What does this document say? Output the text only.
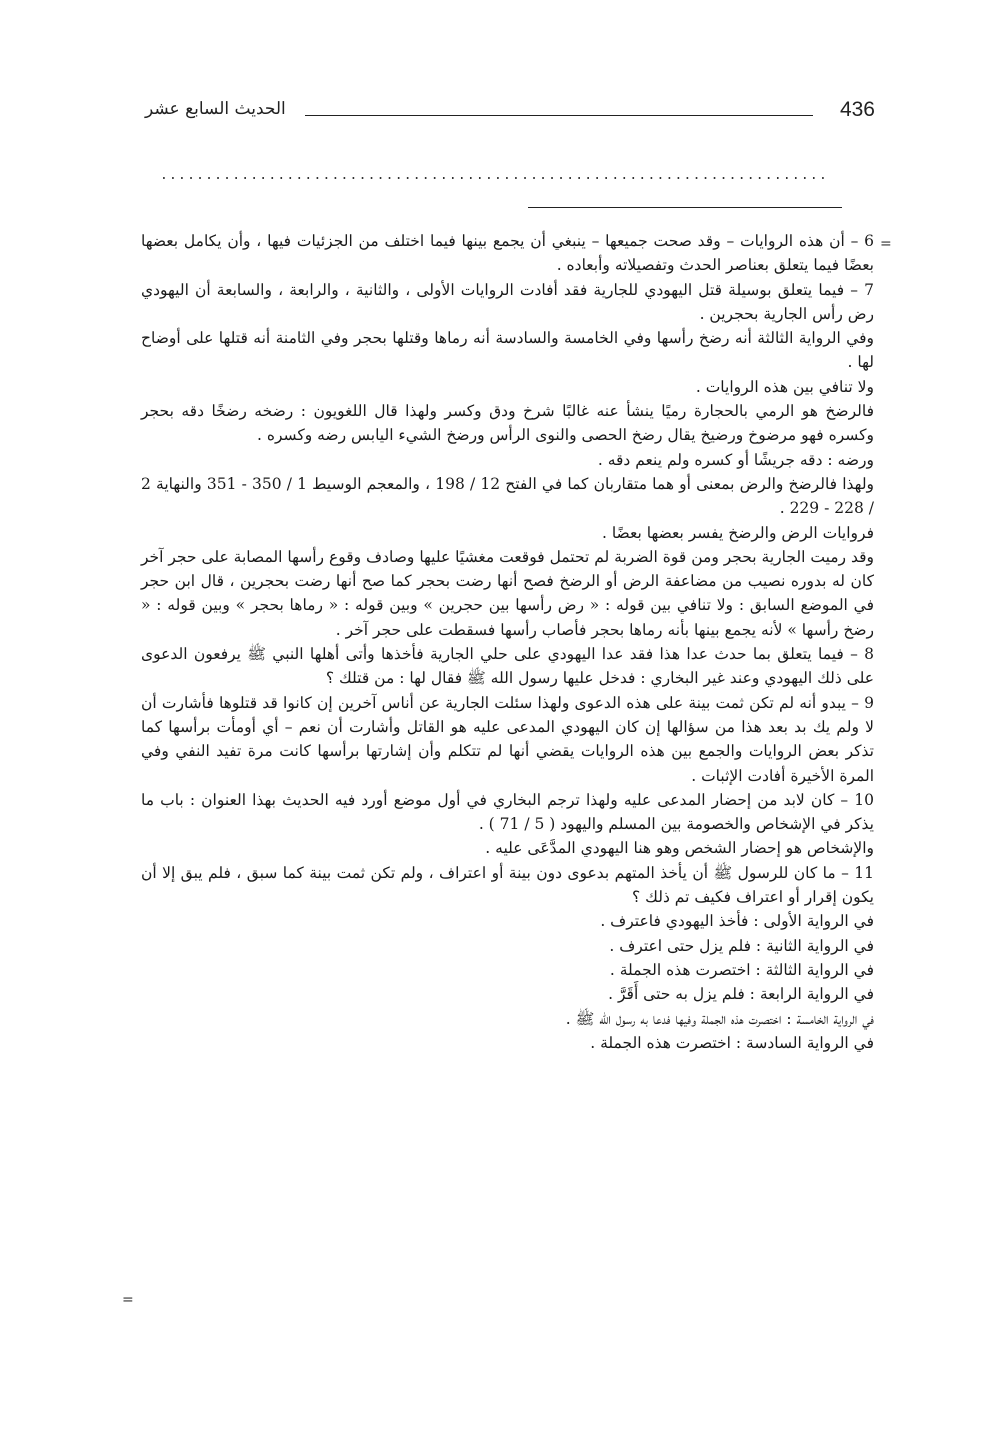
الحديث السابع عشر	436
..........................................................................
=
=

6 – أن هذه الروايات – وقد صحت جميعها – ينبغي أن يجمع بينها فيما اختلف من الجزئيات فيها ، وأن يكامل بعضها بعضًا فيما يتعلق بعناصر الحدث وتفصيلاته وأبعاده .

7 – فيما يتعلق بوسيلة قتل اليهودي للجارية فقد أفادت الروايات الأولى ، والثانية ، والرابعة ، والسابعة أن اليهودي رض رأس الجارية بحجرين .

وفي الرواية الثالثة أنه رضخ رأسها وفي الخامسة والسادسة أنه رماها وقتلها بحجر وفي الثامنة أنه قتلها على أوضاح لها .

ولا تنافي بين هذه الروايات .

فالرضخ هو الرمي بالحجارة رميًا ينشأ عنه غالبًا شرخ ودق وكسر ولهذا قال اللغويون : رضخه رضخًا دقه بحجر وكسره فهو مرضوخ ورضيخ يقال رضخ الحصى والنوى الرأس ورضخ الشيء اليابس رضه وكسره .

ورضه : دقه جريشًا أو كسره ولم ينعم دقه .

ولهذا فالرضخ والرض بمعنى أو هما متقاربان كما في الفتح 12 / 198 ، والمعجم الوسيط 1 / 350 - 351 والنهاية 2 / 228 - 229 .

فروايات الرض والرضخ يفسر بعضها بعضًا .

وقد رميت الجارية بحجر ومن قوة الضربة لم تحتمل فوقعت مغشيًا عليها وصادف وقوع رأسها المصابة على حجر آخر كان له بدوره نصيب من مضاعفة الرض أو الرضخ فصح أنها رضت بحجر كما صح أنها رضت بحجرين ، قال ابن حجر في الموضع السابق : ولا تنافي بين قوله : « رض رأسها بين حجرين » وبين قوله : « رماها بحجر » وبين قوله : « رضخ رأسها » لأنه يجمع بينها بأنه رماها بحجر فأصاب رأسها فسقطت على حجر آخر .

8 – فيما يتعلق بما حدث عدا هذا فقد عدا اليهودي على حلي الجارية فأخذها وأتى أهلها النبي ﷺ يرفعون الدعوى على ذلك اليهودي وعند غير البخاري : فدخل عليها رسول الله ﷺ فقال لها : من قتلك ؟

9 – يبدو أنه لم تكن ثمت بينة على هذه الدعوى ولهذا سئلت الجارية عن أناس آخرين إن كانوا قد قتلوها فأشارت أن لا ولم يك بد بعد هذا من سؤالها إن كان اليهودي المدعى عليه هو القاتل وأشارت أن نعم – أي أومأت برأسها كما تذكر بعض الروايات والجمع بين هذه الروايات يقضي أنها لم تتكلم وأن إشارتها برأسها كانت مرة تفيد النفي وفي المرة الأخيرة أفادت الإثبات .

10 – كان لابد من إحضار المدعى عليه ولهذا ترجم البخاري في أول موضع أورد فيه الحديث بهذا العنوان : باب ما يذكر في الإشخاص والخصومة بين المسلم واليهود ( 5 / 71 ) .

والإشخاص هو إحضار الشخص وهو هنا اليهودي المدَّعَى عليه .

11 – ما كان للرسول ﷺ أن يأخذ المتهم بدعوى دون بينة أو اعتراف ، ولم تكن ثمت بينة كما سبق ، فلم يبق إلا أن يكون إقرار أو اعتراف فكيف تم ذلك ؟

في الرواية الأولى : فأخذ اليهودي فاعترف .

في الرواية الثانية : فلم يزل حتى اعترف .

في الرواية الثالثة : اختصرت هذه الجملة .

في الرواية الرابعة : فلم يزل به حتى أَقَرَّ .

في الرواية الخامسة : اختصرت هذه الجملة وفيها فدعا به رسول الله ﷺ .

في الرواية السادسة : اختصرت هذه الجملة .
